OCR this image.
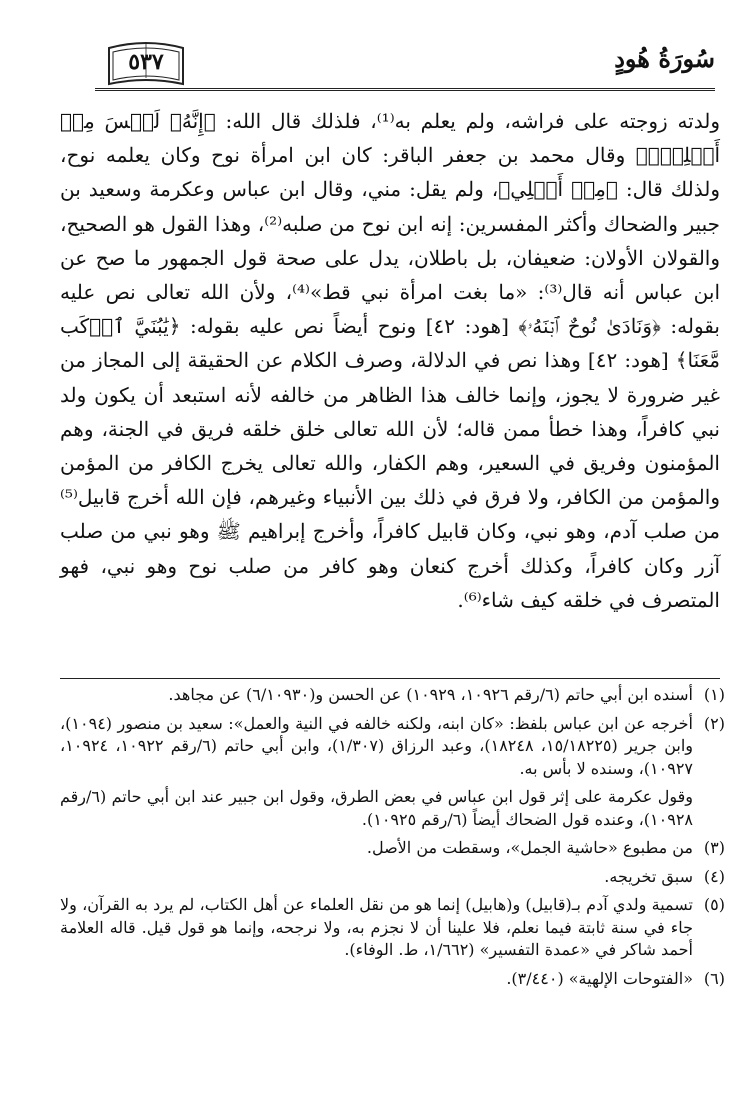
٥٣٧	سُورَةُ هُودٍ
ولدته زوجته على فراشه، ولم يعلم به⁽¹⁾، فلذلك قال الله: ﴿إِنَّهُۥ لَيۡسَ مِنۡ أَهۡلِكَۖ﴾ وقال محمد بن جعفر الباقر: كان ابن امرأة نوح وكان يعلمه نوح، ولذلك قال: ﴿مِنۡ أَهۡلِي﴾، ولم يقل: مني، وقال ابن عباس وعكرمة وسعيد بن جبير والضحاك وأكثر المفسرين: إنه ابن نوح من صلبه⁽²⁾، وهذا القول هو الصحيح، والقولان الأولان: ضعيفان، بل باطلان، يدل على صحة قول الجمهور ما صح عن ابن عباس أنه قال⁽³⁾: «ما بغت امرأة نبي قط»⁽⁴⁾، ولأن الله تعالى نص عليه بقوله: ﴿وَنَادَىٰ نُوحٌ ٱبۡنَهُۥ﴾ [هود: ٤٢] ونوح أيضاً نص عليه بقوله: ﴿يَٰبُنَيَّ ٱرۡكَب مَّعَنَا﴾ [هود: ٤٢] وهذا نص في الدلالة، وصرف الكلام عن الحقيقة إلى المجاز من غير ضرورة لا يجوز، وإنما خالف هذا الظاهر من خالفه لأنه استبعد أن يكون ولد نبي كافراً، وهذا خطأ ممن قاله؛ لأن الله تعالى خلق خلقه فريق في الجنة، وهم المؤمنون وفريق في السعير، وهم الكفار، والله تعالى يخرج الكافر من المؤمن والمؤمن من الكافر، ولا فرق في ذلك بين الأنبياء وغيرهم، فإن الله أخرج قابيل⁽⁵⁾ من صلب آدم، وهو نبي، وكان قابيل كافراً، وأخرج إبراهيم ﷺ وهو نبي من صلب آزر وكان كافراً، وكذلك أخرج كنعان وهو كافر من صلب نوح وهو نبي، فهو المتصرف في خلقه كيف شاء⁽⁶⁾.
(١)

أسنده ابن أبي حاتم (٦/رقم ١٠٩٢٦، ١٠٩٢٩) عن الحسن و(٦/١٠٩٣٠) عن مجاهد.

(٢)

أخرجه عن ابن عباس بلفظ: «كان ابنه، ولكنه خالفه في النية والعمل»: سعيد بن منصور (١٠٩٤)، وابن جرير (١٥/١٨٢٢٥، ١٨٢٤٨)، وعبد الرزاق (١/٣٠٧)، وابن أبي حاتم (٦/رقم ١٠٩٢٢، ١٠٩٢٤، ١٠٩٢٧)، وسنده لا بأس به.

وقول عكرمة على إثر قول ابن عباس في بعض الطرق، وقول ابن جبير عند ابن أبي حاتم (٦/رقم ١٠٩٢٨)، وعنده قول الضحاك أيضاً (٦/رقم ١٠٩٢٥).

(٣)

من مطبوع «حاشية الجمل»، وسقطت من الأصل.

(٤)

سبق تخريجه.

(٥)

تسمية ولدي آدم بـ(قابيل) و(هابيل) إنما هو من نقل العلماء عن أهل الكتاب، لم يرد به القرآن، ولا جاء في سنة ثابتة فيما نعلم، فلا علينا أن لا نجزم به، ولا نرجحه، وإنما هو قول قيل. قاله العلامة أحمد شاكر في «عمدة التفسير» (١/٦٦٢، ط. الوفاء).

(٦)

«الفتوحات الإلهية» (٣/٤٤٠).
